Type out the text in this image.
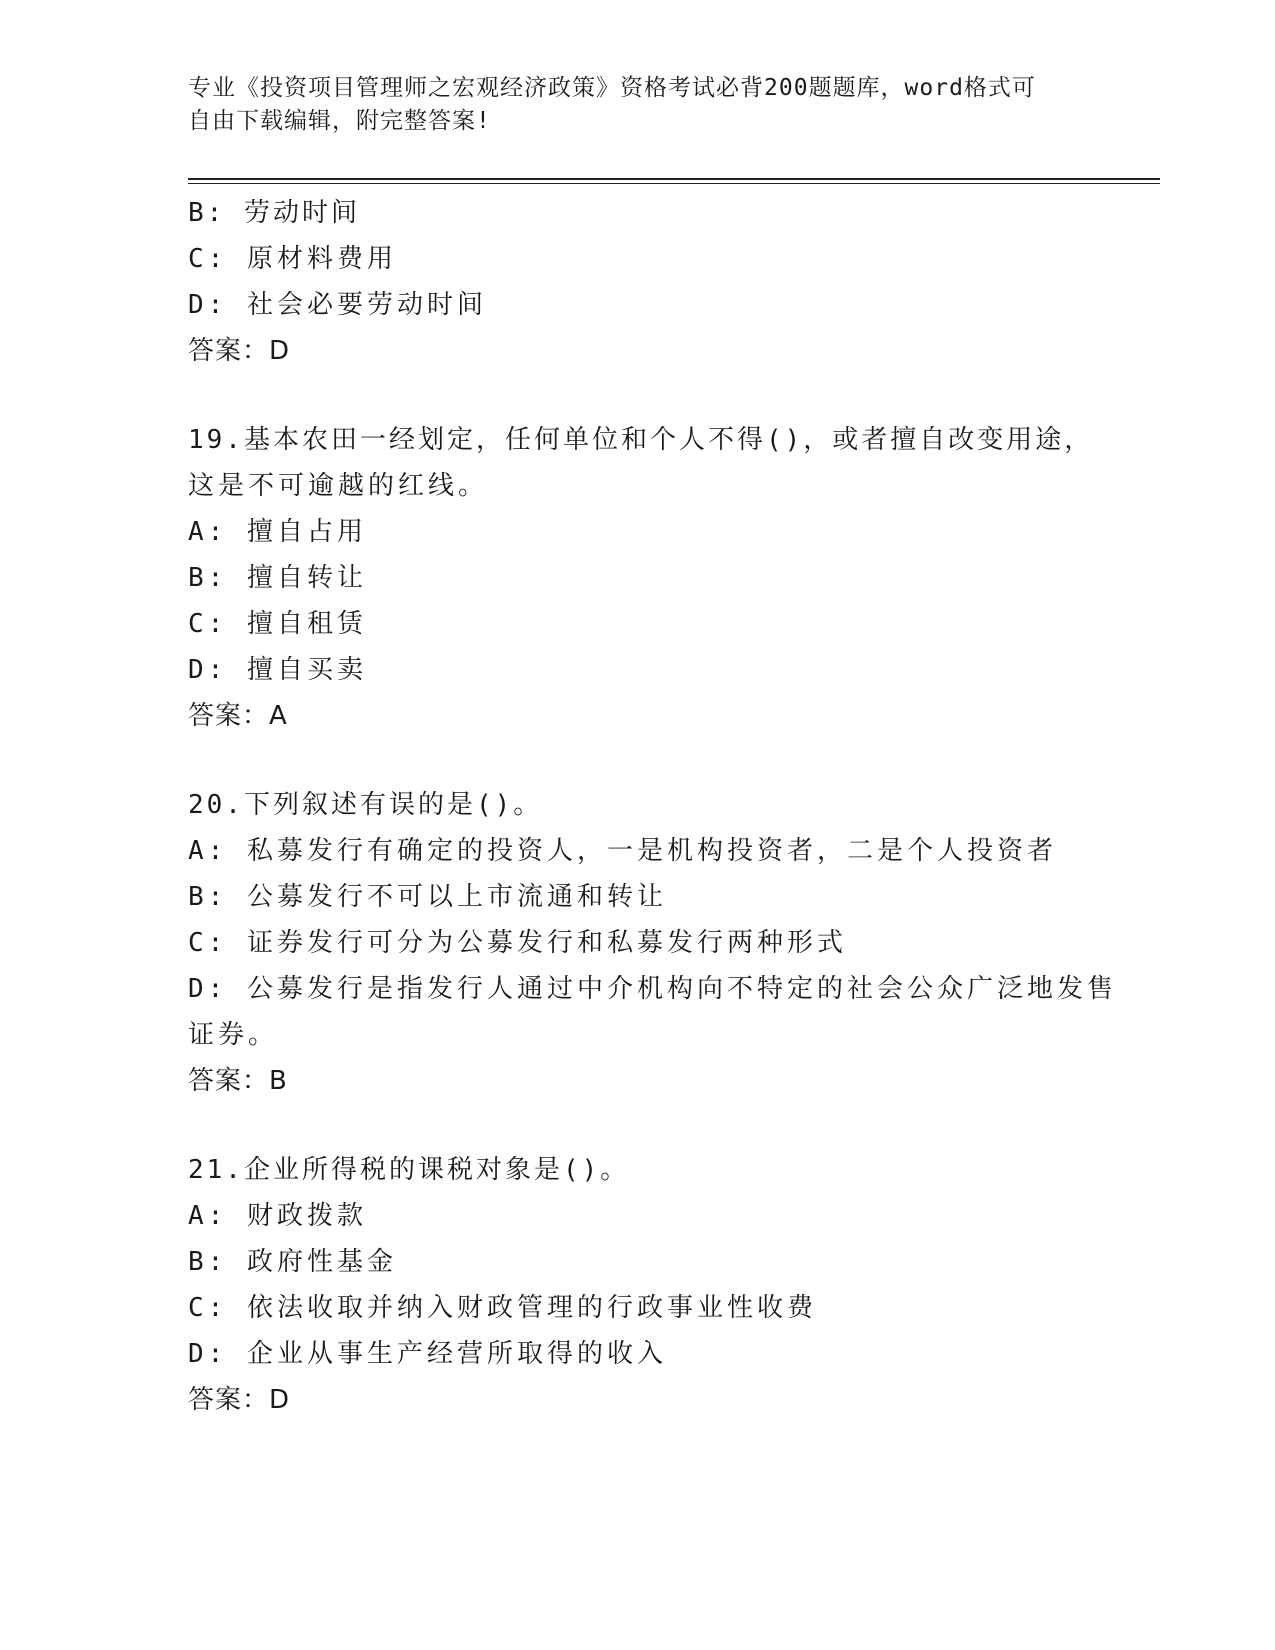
专业《投资项目管理师之宏观经济政策》资格考试必背200题题库，word格式可
自由下载编辑，附完整答案!
B: 劳动时间
C: 原材料费用
D: 社会必要劳动时间
答案：D
19.基本农田一经划定，任何单位和个人不得()，或者擅自改变用途，
这是不可逾越的红线。
A: 擅自占用
B: 擅自转让
C: 擅自租赁
D: 擅自买卖
答案：A
20.下列叙述有误的是()。
A: 私募发行有确定的投资人，一是机构投资者，二是个人投资者
B: 公募发行不可以上市流通和转让
C: 证券发行可分为公募发行和私募发行两种形式
D: 公募发行是指发行人通过中介机构向不特定的社会公众广泛地发售
证券。
答案：B
21.企业所得税的课税对象是()。
A: 财政拨款
B: 政府性基金
C: 依法收取并纳入财政管理的行政事业性收费
D: 企业从事生产经营所取得的收入
答案：D
